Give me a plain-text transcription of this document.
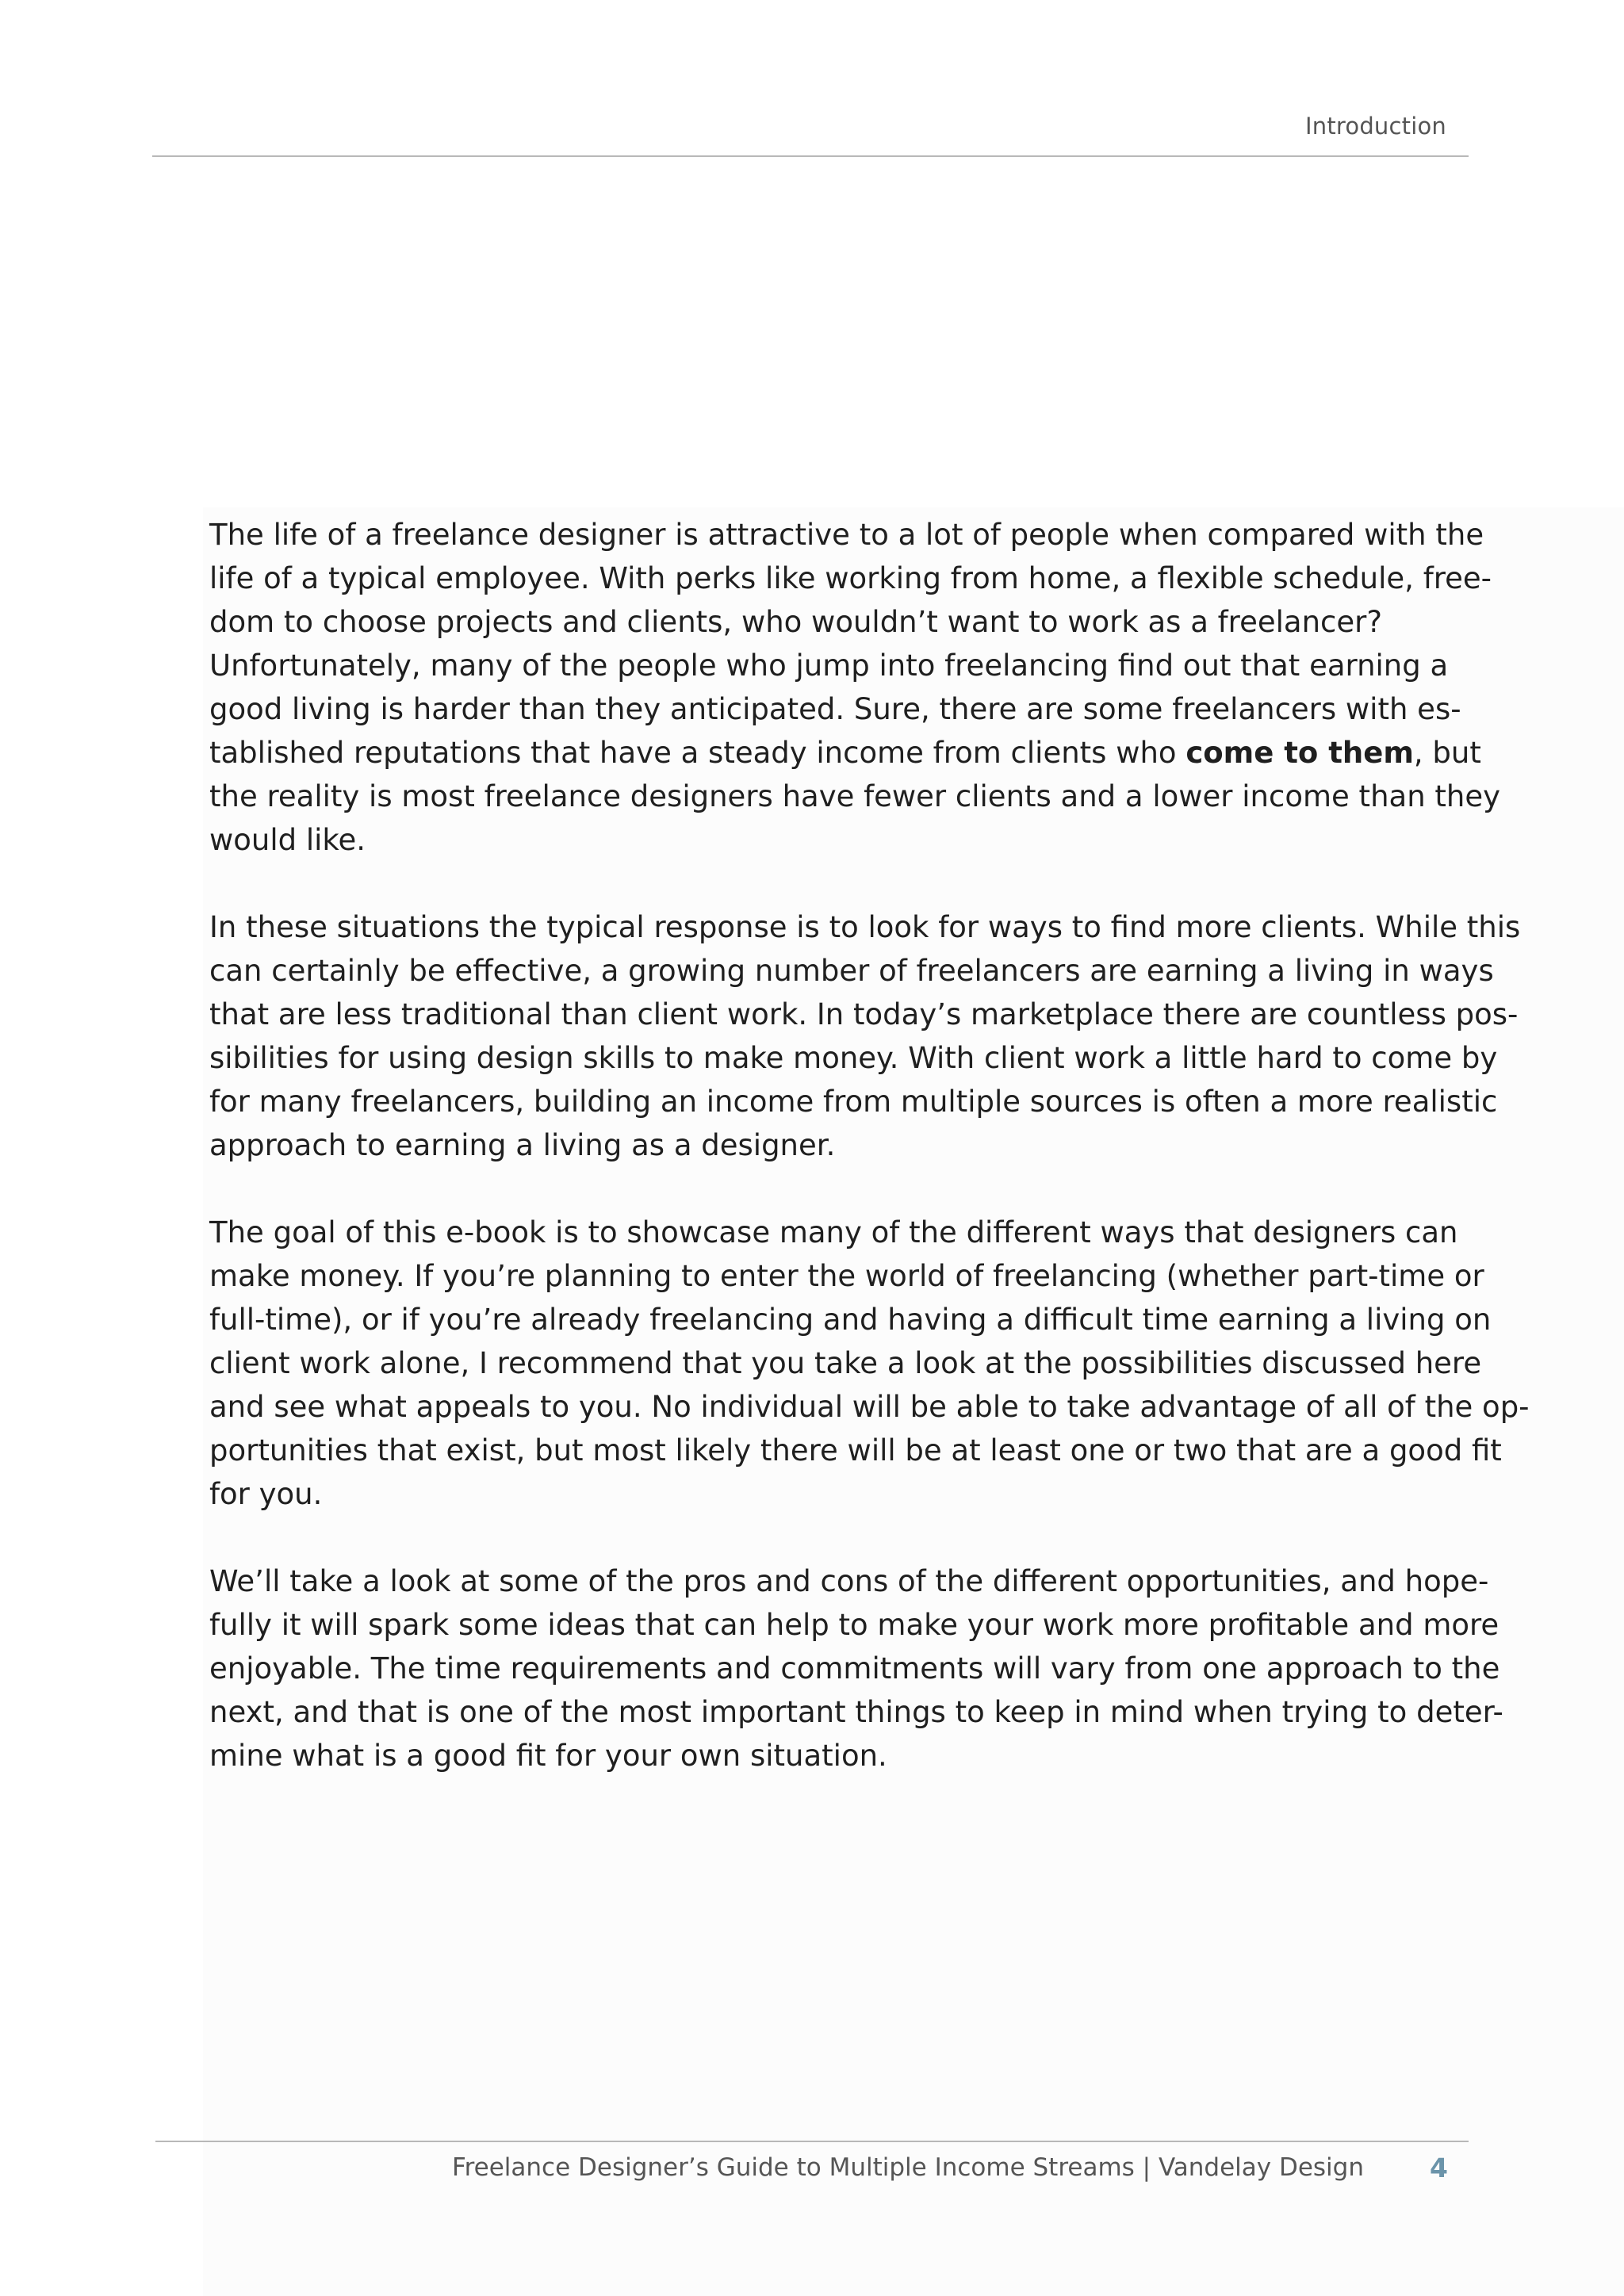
Introduction

The life of a freelance designer is attractive to a lot of people when compared with the
life of a typical employee. With perks like working from home, a flexible schedule, free-
dom to choose projects and clients, who wouldn’t want to work as a freelancer?
Unfortunately, many of the people who jump into freelancing find out that earning a
good living is harder than they anticipated. Sure, there are some freelancers with es-
tablished reputations that have a steady income from clients who come to them, but
the reality is most freelance designers have fewer clients and a lower income than they
would like.

In these situations the typical response is to look for ways to find more clients. While this
can certainly be effective, a growing number of freelancers are earning a living in ways
that are less traditional than client work. In today’s marketplace there are countless pos-
sibilities for using design skills to make money. With client work a little hard to come by
for many freelancers, building an income from multiple sources is often a more realistic
approach to earning a living as a designer.

The goal of this e-book is to showcase many of the different ways that designers can
make money. If you’re planning to enter the world of freelancing (whether part-time or
full-time), or if you’re already freelancing and having a difficult time earning a living on
client work alone, I recommend that you take a look at the possibilities discussed here
and see what appeals to you. No individual will be able to take advantage of all of the op-
portunities that exist, but most likely there will be at least one or two that are a good fit
for you.

We’ll take a look at some of the pros and cons of the different opportunities, and hope-
fully it will spark some ideas that can help to make your work more profitable and more
enjoyable. The time requirements and commitments will vary from one approach to the
next, and that is one of the most important things to keep in mind when trying to deter-
mine what is a good fit for your own situation.

Freelance Designer’s Guide to Multiple Income Streams | Vandelay Design	4
